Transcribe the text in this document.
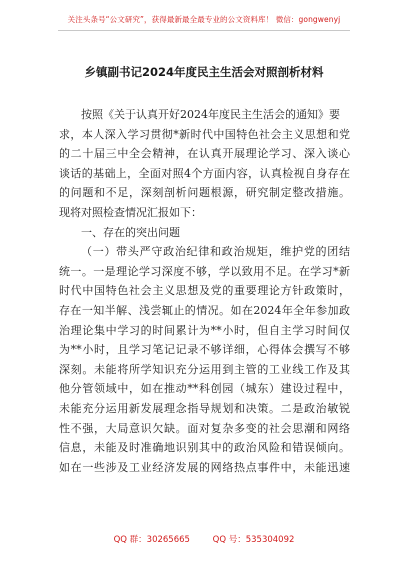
关注头条号“公文研究”，获得最新最全最专业的公文资料库！ 微信：gongwenyj
乡镇副书记2024年度民主生活会对照剖析材料
按照《关于认真开好2024年度民主生活会的通知》要
求，本人深入学习贯彻*新时代中国特色社会主义思想和党
的二十届三中全会精神，在认真开展理论学习、深入谈心
谈话的基础上，全面对照4个方面内容，认真检视自身存在
的问题和不足，深刻剖析问题根源，研究制定整改措施。
现将对照检查情况汇报如下：
一、存在的突出问题
（一）带头严守政治纪律和政治规矩，维护党的团结
统一。一是理论学习深度不够，学以致用不足。在学习*新
时代中国特色社会主义思想及党的重要理论方针政策时，
存在一知半解、浅尝辄止的情况。如在2024年全年参加政
治理论集中学习的时间累计为**小时，但自主学习时间仅
为**小时，且学习笔记记录不够详细，心得体会撰写不够
深刻。未能将所学知识充分运用到主管的工业线工作及其
他分管领域中，如在推动**科创园（城东）建设过程中，
未能充分运用新发展理念指导规划和决策。二是政治敏锐
性不强，大局意识欠缺。面对复杂多变的社会思潮和网络
信息，未能及时准确地识别其中的政治风险和错误倾向。
如在一些涉及工业经济发展的网络热点事件中，未能迅速
QQ 群：30265665	QQ 号：535304092
